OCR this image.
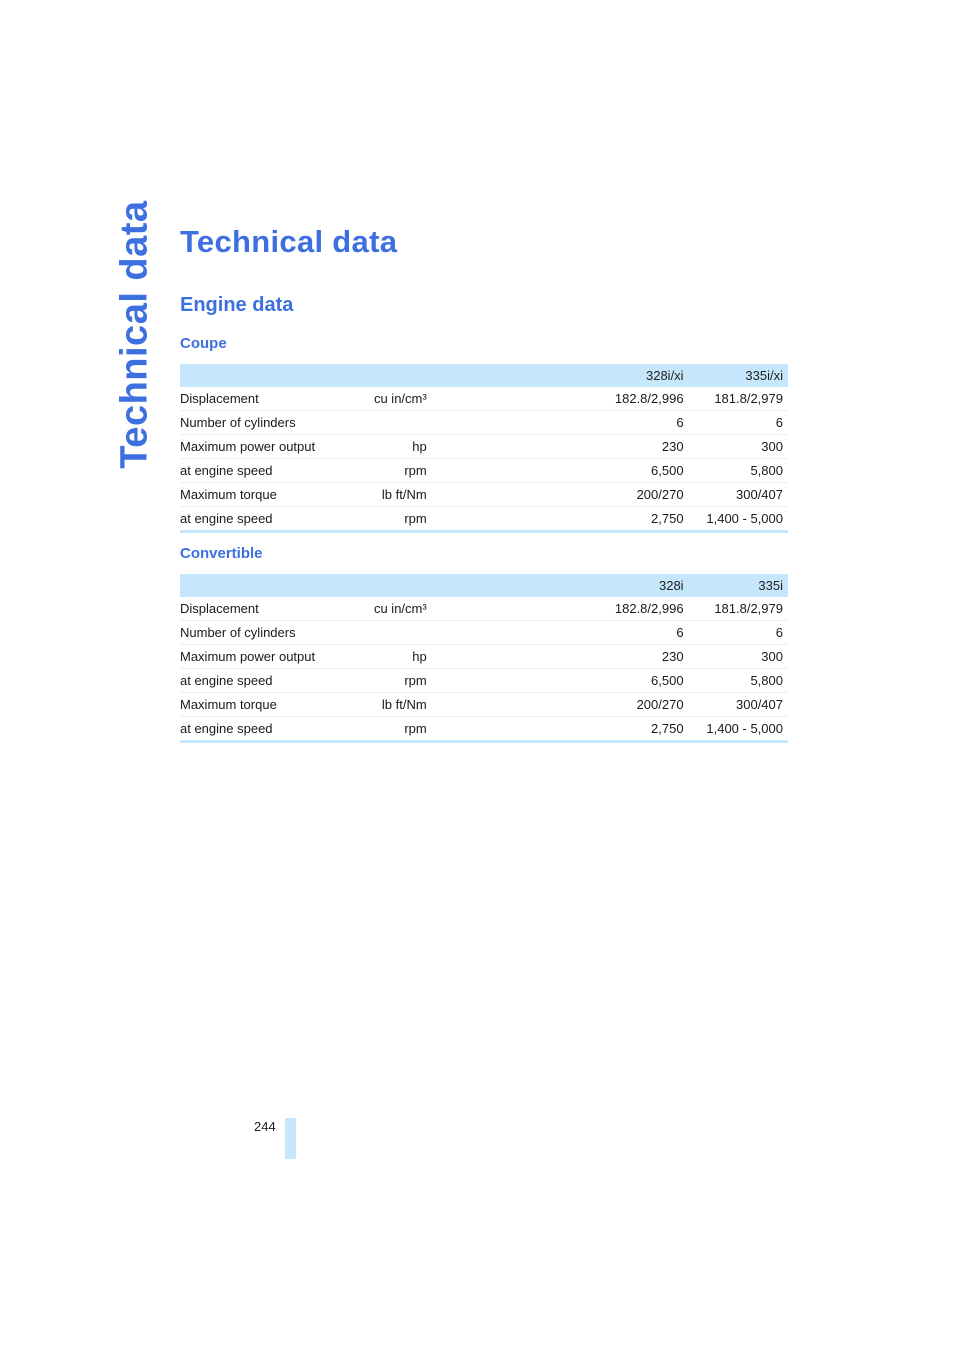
Technical data Technical data
Engine data
Coupe
			328i/xi	335i/xi
Displacement	cu in/cm³		182.8/2,996	181.8/2,979
Number of cylinders			6	6
Maximum power output	hp		230	300
at engine speed	rpm		6,500	5,800
Maximum torque	lb ft/Nm		200/270	300/407
at engine speed	rpm		2,750	1,400 - 5,000
Convertible
			328i	335i
Displacement	cu in/cm³		182.8/2,996	181.8/2,979
Number of cylinders			6	6
Maximum power output	hp		230	300
at engine speed	rpm		6,500	5,800
Maximum torque	lb ft/Nm		200/270	300/407
at engine speed	rpm		2,750	1,400 - 5,000
244
